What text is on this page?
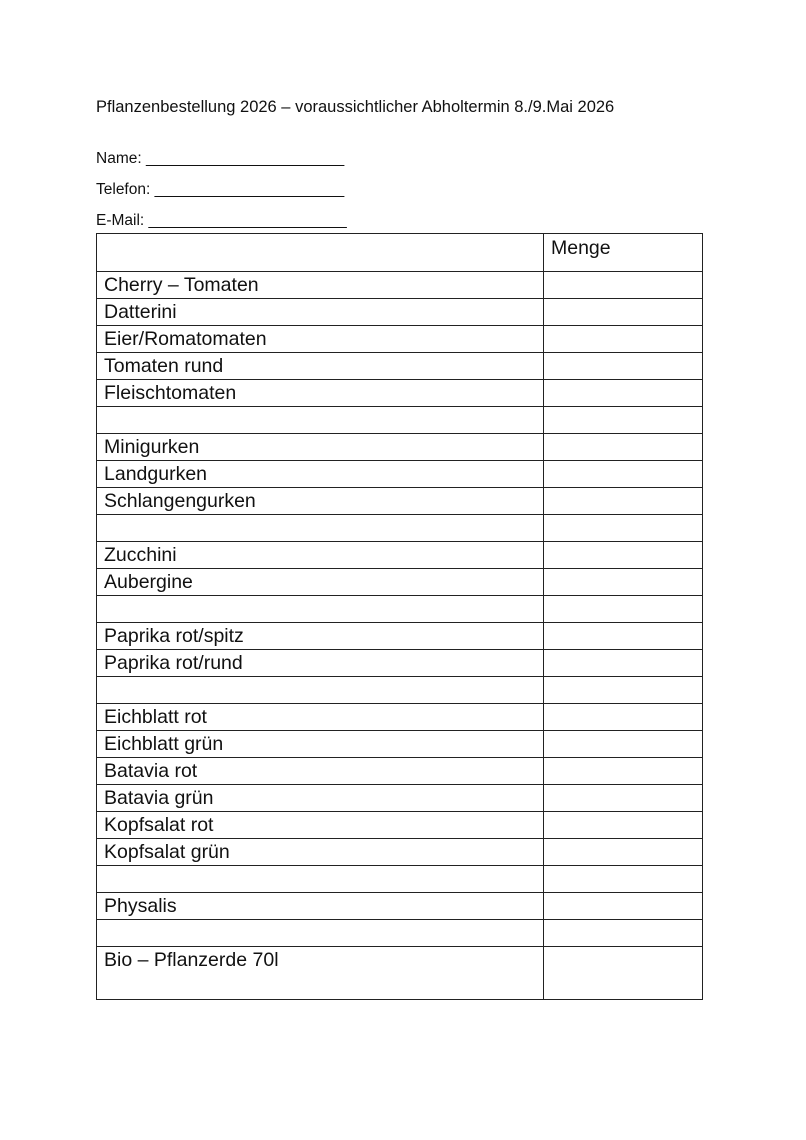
Pflanzenbestellung 2026 – voraussichtlicher Abholtermin 8./9.Mai 2026
Name: _______________________
Telefon: ______________________
E-Mail: _______________________
	Menge
Cherry – Tomaten	
Datterini	
Eier/Romatomaten	
Tomaten rund	
Fleischtomaten	

Minigurken	
Landgurken	
Schlangengurken	

Zucchini	
Aubergine	

Paprika rot/spitz	
Paprika rot/rund	

Eichblatt rot	
Eichblatt grün	
Batavia rot	
Batavia grün	
Kopfsalat rot	
Kopfsalat grün	

Physalis	

Bio – Pflanzerde 70l	
